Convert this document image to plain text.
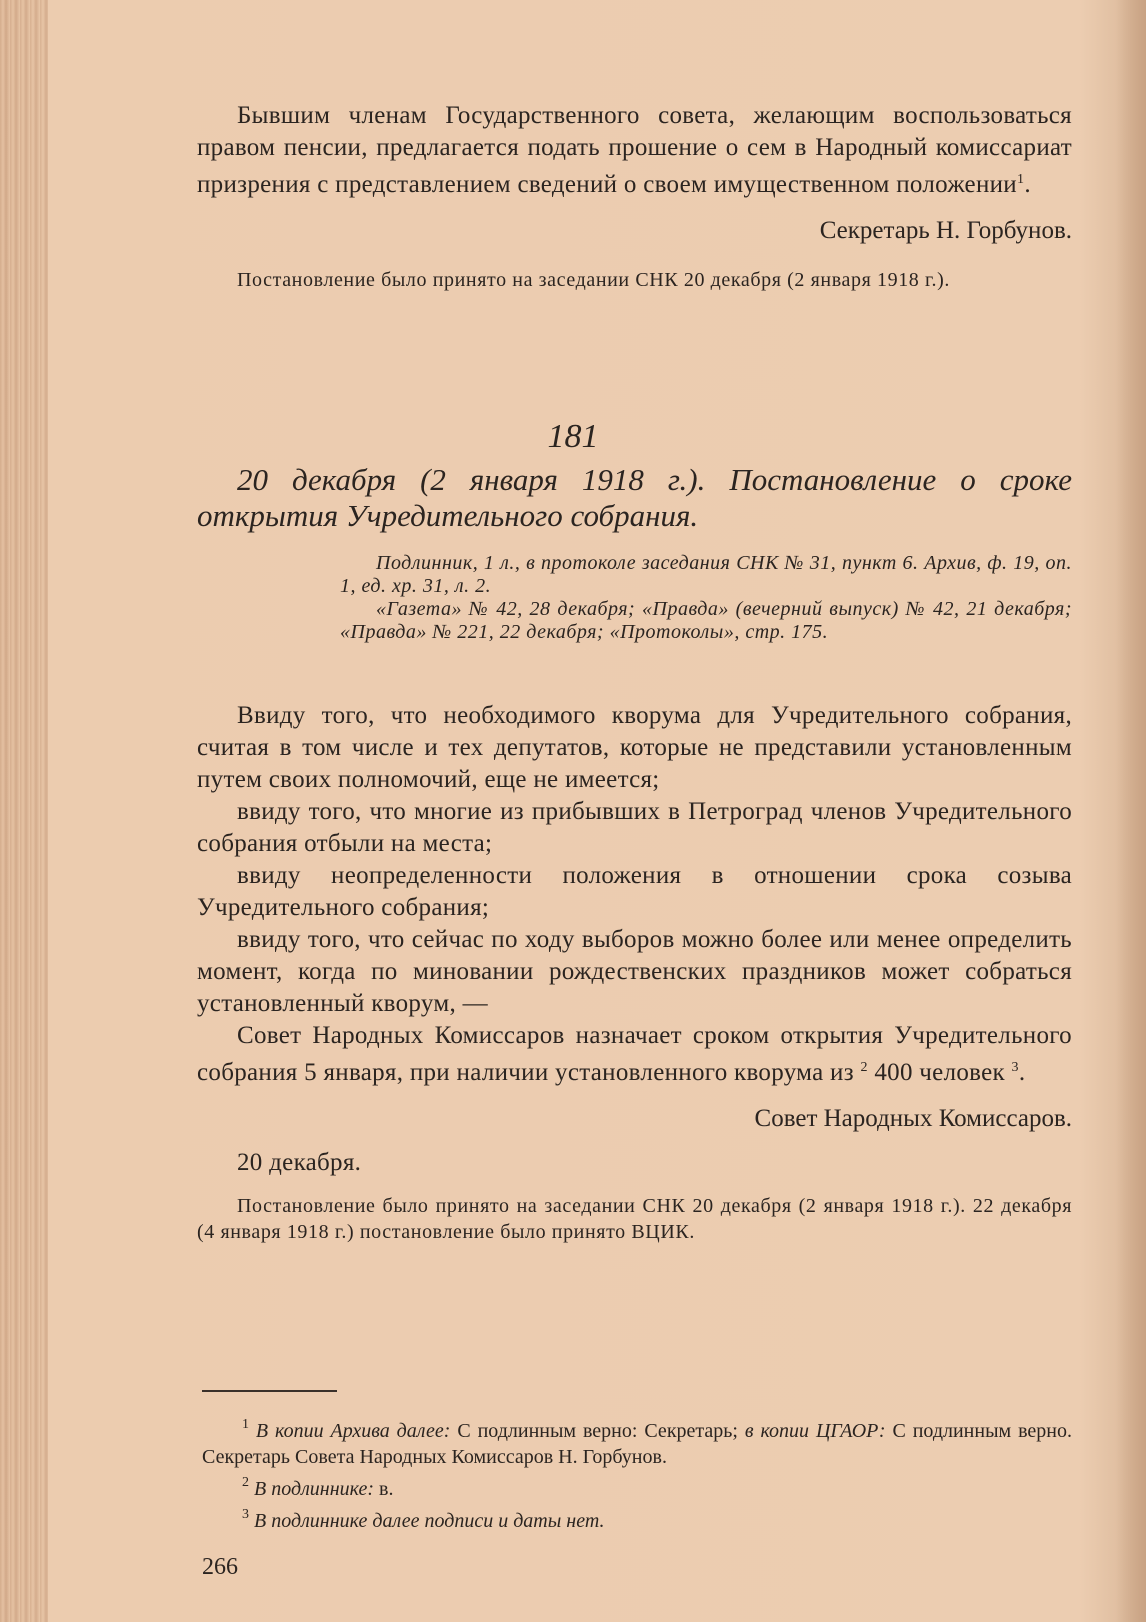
Бывшим членам Государственного совета, желающим воспользоваться правом пенсии, предлагается подать прошение о сем в Народный комиссариат призрения с представлением сведений о своем имущественном положении$^1$.

Секретарь Н. Горбунов.

Постановление было принято на заседании СНК 20 декабря (2 января 1918 г.).

181

20 декабря (2 января 1918 г.). Постановление о сроке открытия Учредительного собрания.

Подлинник, 1 л., в протоколе заседания СНК № 31, пункт 6. Архив, ф. 19, оп. 1, ед. хр. 31, л. 2.

«Газета» № 42, 28 декабря; «Правда» (вечерний выпуск) № 42, 21 декабря; «Правда» № 221, 22 декабря; «Протоколы», стр. 175.

Ввиду того, что необходимого кворума для Учредительного собрания, считая в том числе и тех депутатов, которые не представили установленным путем своих полномочий, еще не имеется;

ввиду того, что многие из прибывших в Петроград членов Учредительного собрания отбыли на места;

ввиду неопределенности положения в отношении срока созыва Учредительного собрания;

ввиду того, что сейчас по ходу выборов можно более или менее определить момент, когда по миновании рождественских праздников может собраться установленный кворум, —

Совет Народных Комиссаров назначает сроком открытия Учредительного собрания 5 января, при наличии установленного кворума из $^2$ 400 человек $^3$.

Совет Народных Комиссаров.

20 декабря.

Постановление было принято на заседании СНК 20 декабря (2 января 1918 г.). 22 декабря (4 января 1918 г.) постановление было принято ВЦИК.

$^1$ В копии Архива далее: С подлинным верно: Секретарь; в копии ЦГАОР: С подлинным верно. Секретарь Совета Народных Комиссаров Н. Горбунов.

$^2$ В подлиннике: в.

$^3$ В подлиннике далее подписи и даты нет.

266
